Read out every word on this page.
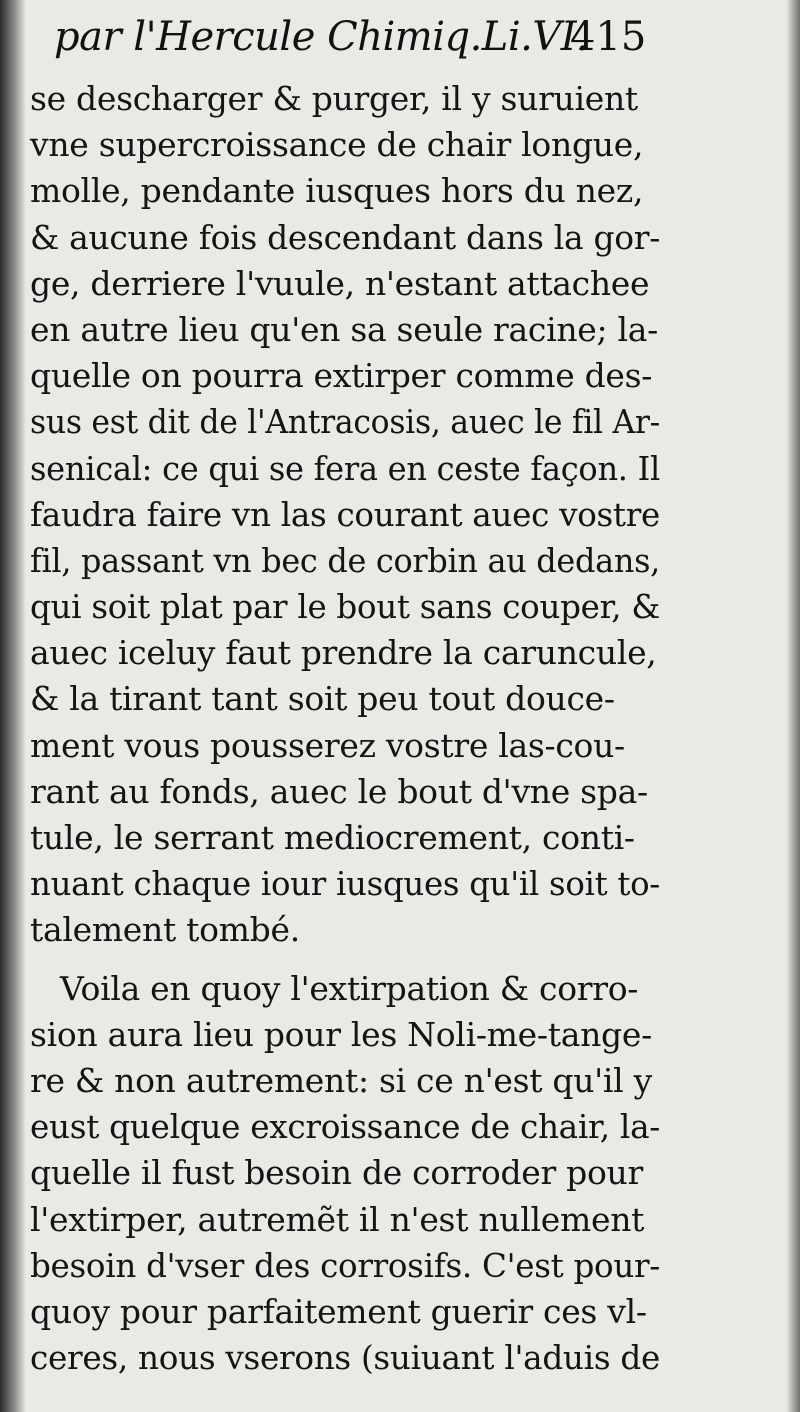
par l'Hercule Chimiq.Li.VI.
415
se descharger & purger, il y suruient
vne supercroissance de chair longue,
molle, pendante iusques hors du nez,
& aucune fois descendant dans la gor-
ge, derriere l'vuule, n'estant attachee
en autre lieu qu'en sa seule racine; la-
quelle on pourra extirper comme des-
sus est dit de l'Antracosis, auec le fil Ar-
senical: ce qui se fera en ceste façon. Il
faudra faire vn las courant auec vostre
fil, passant vn bec de corbin au dedans,
qui soit plat par le bout sans couper, &
auec iceluy faut prendre la caruncule,
& la tirant tant soit peu tout douce-
ment vous pousserez vostre las-cou-
rant au fonds, auec le bout d'vne spa-
tule, le serrant mediocrement, conti-
nuant chaque iour iusques qu'il soit to-
talement tombé.
Voila en quoy l'extirpation & corro-
sion aura lieu pour les Noli-me-tange-
re & non autrement: si ce n'est qu'il y
eust quelque excroissance de chair, la-
quelle il fust besoin de corroder pour
l'extirper, autremẽt il n'est nullement
besoin d'vser des corrosifs. C'est pour-
quoy pour parfaitement guerir ces vl-
ceres, nous vserons (suiuant l'aduis de
